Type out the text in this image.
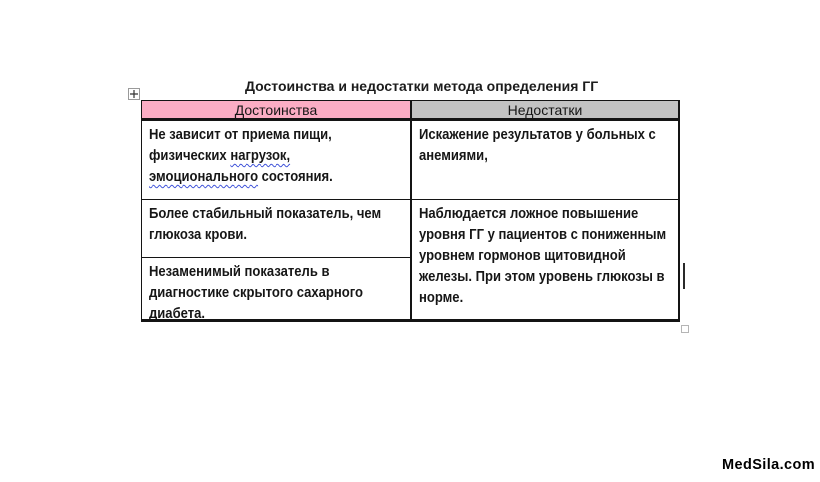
Достоинства и недостатки метода определения ГГ
Достоинства	Недостатки
Не зависит от приема пищи,
физических нагрузок,
эмоционального состояния.
Искажение результатов у больных с
анемиями,
Более стабильный показатель, чем
глюкоза крови.
Незаменимый показатель в
диагностике скрытого сахарного
диабета.
Наблюдается ложное повышение
уровня ГГ у пациентов с пониженным
уровнем гормонов щитовидной
железы. При этом уровень глюкозы в
норме.
MedSila.com
